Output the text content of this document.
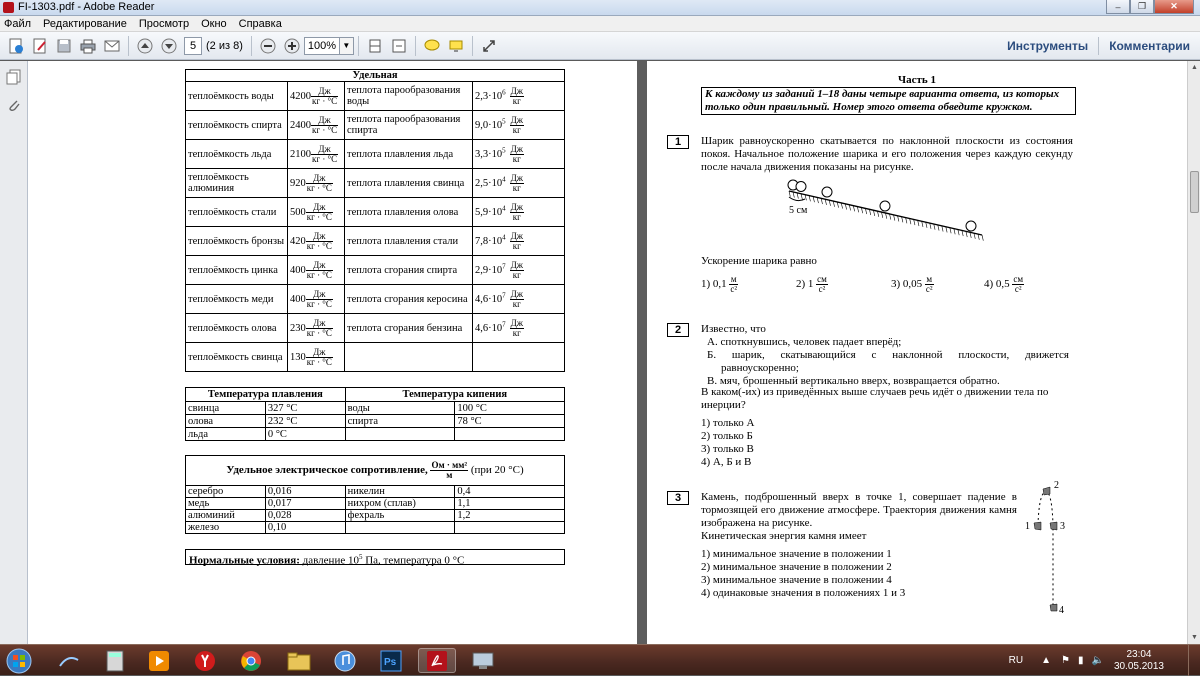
FI-1303.pdf - Adobe Reader	–	❐	✕
Файл Редактирование Просмотр Окно Справка
5 (2 из 8)	100% ▼	Инструменты	Комментарии
Удельная			
теплоёмкость воды	$4200 \frac{Дж}{кг \cdot ^\circ С}$	теплота парообразования воды	$2,3\cdot 10^6 \frac{Дж}{кг}$

теплоёмкость спирта	$2400 \frac{Дж}{кг \cdot ^\circ С}$	теплота парообразования спирта	$9,0\cdot 10^5 \frac{Дж}{кг}$

теплоёмкость льда	$2100 \frac{Дж}{кг \cdot ^\circ С}$	теплота плавления льда	$3,3\cdot 10^5 \frac{Дж}{кг}$

теплоёмкость алюминия	$920 \frac{Дж}{кг \cdot ^\circ С}$	теплота плавления свинца	$2,5\cdot 10^4 \frac{Дж}{кг}$

теплоёмкость стали	$500 \frac{Дж}{кг \cdot ^\circ С}$	теплота плавления олова	$5,9\cdot 10^4 \frac{Дж}{кг}$

теплоёмкость бронзы	$420 \frac{Дж}{кг \cdot ^\circ С}$	теплота плавления стали	$7,8\cdot 10^4 \frac{Дж}{кг}$

теплоёмкость цинка	$400 \frac{Дж}{кг \cdot ^\circ С}$	теплота сгорания спирта	$2,9\cdot 10^7 \frac{Дж}{кг}$

теплоёмкость меди	$400 \frac{Дж}{кг \cdot ^\circ С}$	теплота сгорания керосина	$4,6\cdot 10^7 \frac{Дж}{кг}$

теплоёмкость олова	$230 \frac{Дж}{кг \cdot ^\circ С}$	теплота сгорания бензина	$4,6\cdot 10^7 \frac{Дж}{кг}$

теплоёмкость свинца	$130 \frac{Дж}{кг \cdot ^\circ С}$

Температура плавления		Температура кипения	
свинца	327 °С	воды	100 °С
олова	232 °С	спирта	78 °С
льда	0 °С		
Удельное электрическое сопротивление, $\frac{\text{Ом · мм²}}{м} (при$ 20 °С)			
серебро	0,016	никелин	0,4
медь	0,017	нихром (сплав)	1,1
алюминий	0,028	фехраль	1,2
железо	0,10		
Нормальные условия: давление $10^5$ Па, температура 0 °С
Часть 1
К каждому из заданий 1–18 даны четыре варианта ответа, из которых только один правильный. Номер этого ответа обведите кружком.
1	Шарик равноускоренно скатывается по наклонной плоскости из состояния покоя. Начальное положение шарика и его положения через каждую секунду после начала движения показаны на рисунке.
5 см
Ускорение шарика равно
1) $0,1 \frac{м}{\text{с²}}$	2) $1 \frac{см}{\text{с²}}$	3) $0,05 \frac{м}{\text{с²}}$	4) $0,5 \frac{см}{\text{с²}}$
2	Известно, что
А. споткнувшись, человек падает вперёд;
Б. шарик, скатывающийся с наклонной плоскости, движется равноускоренно;
В. мяч, брошенный вертикально вверх, возвращается обратно.
В каком(-их) из приведённых выше случаев речь идёт о движении тела по инерции?
1) только А
2) только Б
3) только В
4) А, Б и В
3	Камень, подброшенный вверх в точке 1, совершает падение в тормозящей его движение атмосфере. Траектория движения камня изображена на рисунке.
Кинетическая энергия камня имеет
1) минимальное значение в положении 1
2) минимальное значение в положении 2
3) минимальное значение в положении 4
4) одинаковые значения в положениях 1 и 3
1
2
3
4
▲
▼
Ps	RU ▲ ⚑ ▮ 🔈
23:04
30.05.2013
